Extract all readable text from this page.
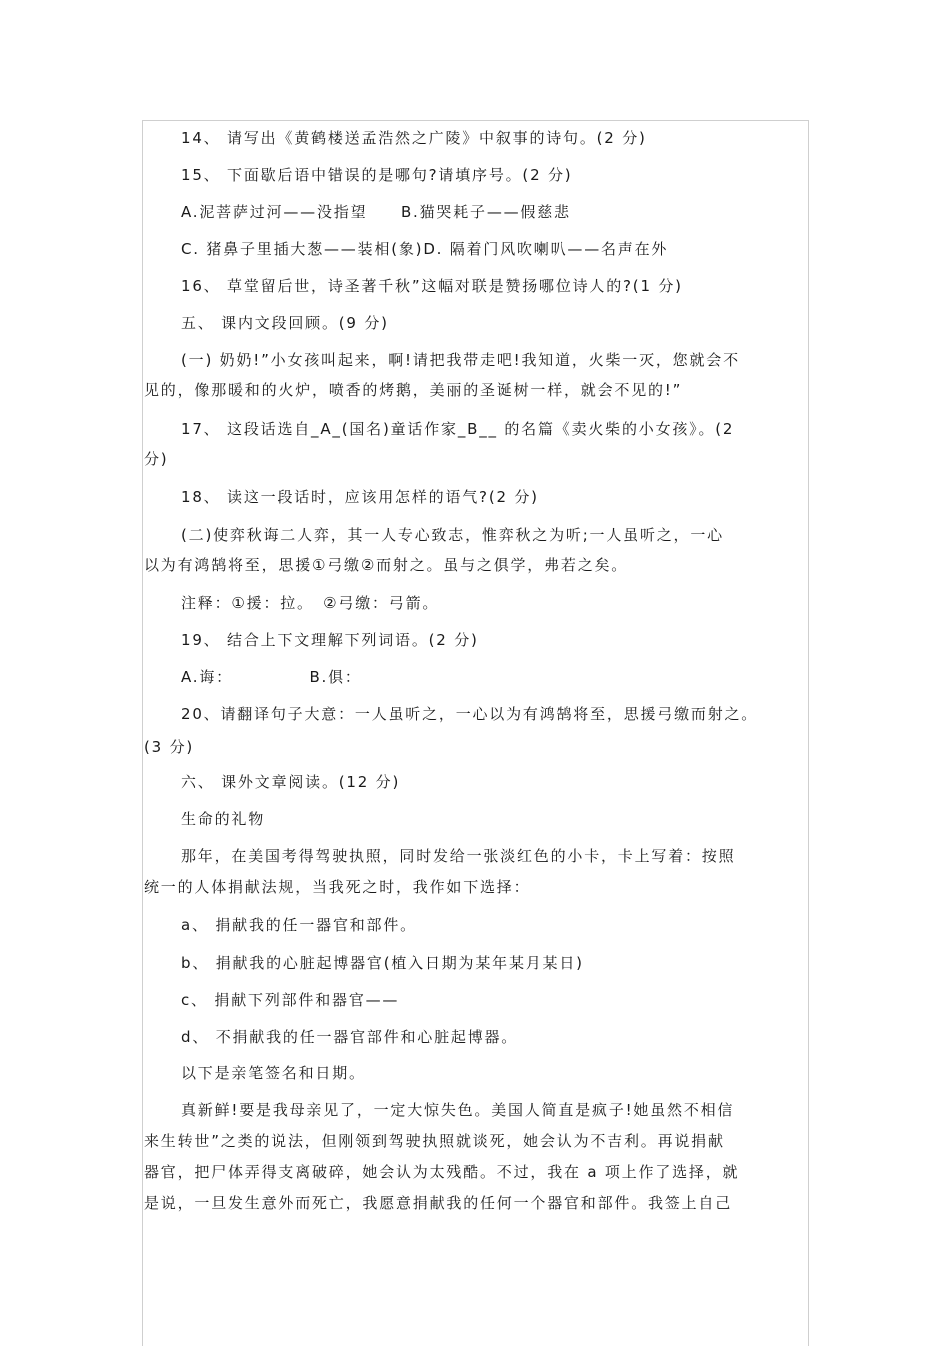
14、 请写出《黄鹤楼送孟浩然之广陵》中叙事的诗句。(2 分)
15、 下面歇后语中错误的是哪句?请填序号。(2 分)
A.泥菩萨过河——没指望　　B.猫哭耗子——假慈悲
C. 猪鼻子里插大葱——装相(象)D. 隔着门风吹喇叭——名声在外
16、 草堂留后世，诗圣著千秋”这幅对联是赞扬哪位诗人的?(1 分)
五、 课内文段回顾。(9 分)
(一) 奶奶!”小女孩叫起来，啊!请把我带走吧!我知道，火柴一灭，您就会不
见的，像那暖和的火炉，喷香的烤鹅，美丽的圣诞树一样，就会不见的!”
17、 这段话选自_A_(国名)童话作家_B__ 的名篇《卖火柴的小女孩》。(2
分)
18、 读这一段话时，应该用怎样的语气?(2 分)
(二)使弈秋诲二人弈，其一人专心致志，惟弈秋之为听;一人虽听之，一心
以为有鸿鹄将至，思援①弓缴②而射之。虽与之俱学，弗若之矣。
注释：①援：拉。　②弓缴：弓箭。
19、 结合上下文理解下列词语。(2 分)
A.诲：　　　　　B.俱：
20、请翻译句子大意：一人虽听之，一心以为有鸿鹄将至，思援弓缴而射之。
(3 分)
六、 课外文章阅读。(12 分)
生命的礼物
那年，在美国考得驾驶执照，同时发给一张淡红色的小卡，卡上写着：按照
统一的人体捐献法规，当我死之时，我作如下选择：
a、 捐献我的任一器官和部件。
b、 捐献我的心脏起博器官(植入日期为某年某月某日)
c、 捐献下列部件和器官——
d、 不捐献我的任一器官部件和心脏起博器。
以下是亲笔签名和日期。
真新鲜!要是我母亲见了，一定大惊失色。美国人简直是疯子!她虽然不相信
来生转世”之类的说法，但刚领到驾驶执照就谈死，她会认为不吉利。再说捐献
器官，把尸体弄得支离破碎，她会认为太残酷。不过，我在 a 项上作了选择，就
是说，一旦发生意外而死亡，我愿意捐献我的任何一个器官和部件。我签上自己
